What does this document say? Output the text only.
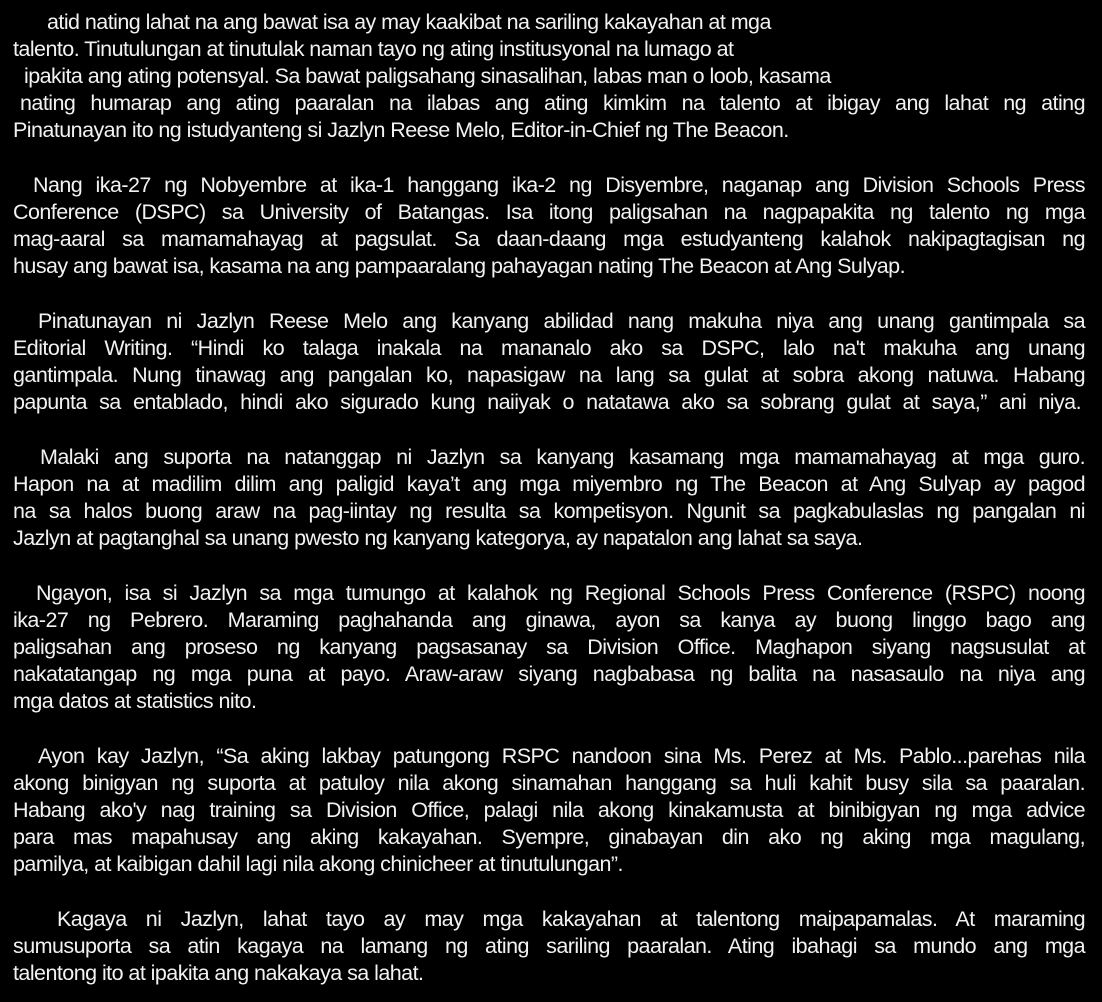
atid nating lahat na ang bawat isa ay may kaakibat na sariling kakayahan at mga
talento. Tinutulungan at tinutulak naman tayo ng ating institusyonal na lumago at
ipakita ang ating potensyal. Sa bawat paligsahang sinasalihan, labas man o loob, kasama
nating humarap ang ating paaralan na ilabas ang ating kimkim na talento at ibigay ang lahat ng ating
Pinatunayan ito ng istudyanteng si Jazlyn Reese Melo, Editor-in-Chief ng The Beacon.
Nang ika-27 ng Nobyembre at ika-1 hanggang ika-2 ng Disyembre, naganap ang Division Schools Press
Conference (DSPC) sa University of Batangas. Isa itong paligsahan na nagpapakita ng talento ng mga
mag-aaral sa mamamahayag at pagsulat. Sa daan-daang mga estudyanteng kalahok nakipagtagisan ng
husay ang bawat isa, kasama na ang pampaaralang pahayagan nating The Beacon at Ang Sulyap.
Pinatunayan ni Jazlyn Reese Melo ang kanyang abilidad nang makuha niya ang unang gantimpala sa
Editorial Writing. “Hindi ko talaga inakala na mananalo ako sa DSPC, lalo na't makuha ang unang
gantimpala. Nung tinawag ang pangalan ko, napasigaw na lang sa gulat at sobra akong natuwa. Habang
papunta sa entablado, hindi ako sigurado kung naiiyak o natatawa ako sa sobrang gulat at saya,” ani niya.
Malaki ang suporta na natanggap ni Jazlyn sa kanyang kasamang mga mamamahayag at mga guro.
Hapon na at madilim dilim ang paligid kaya’t ang mga miyembro ng The Beacon at Ang Sulyap ay pagod
na sa halos buong araw na pag-iintay ng resulta sa kompetisyon. Ngunit sa pagkabulaslas ng pangalan ni
Jazlyn at pagtanghal sa unang pwesto ng kanyang kategorya, ay napatalon ang lahat sa saya.
Ngayon, isa si Jazlyn sa mga tumungo at kalahok ng Regional Schools Press Conference (RSPC) noong
ika-27 ng Pebrero. Maraming paghahanda ang ginawa, ayon sa kanya ay buong linggo bago ang
paligsahan ang proseso ng kanyang pagsasanay sa Division Office. Maghapon siyang nagsusulat at
nakatatangap ng mga puna at payo. Araw-araw siyang nagbabasa ng balita na nasasaulo na niya ang
mga datos at statistics nito.
Ayon kay Jazlyn, “Sa aking lakbay patungong RSPC nandoon sina Ms. Perez at Ms. Pablo...parehas nila
akong binigyan ng suporta at patuloy nila akong sinamahan hanggang sa huli kahit busy sila sa paaralan.
Habang ako'y nag training sa Division Office, palagi nila akong kinakamusta at binibigyan ng mga advice
para mas mapahusay ang aking kakayahan. Syempre, ginabayan din ako ng aking mga magulang,
pamilya, at kaibigan dahil lagi nila akong chinicheer at tinutulungan”.
Kagaya ni Jazlyn, lahat tayo ay may mga kakayahan at talentong maipapamalas. At maraming
sumusuporta sa atin kagaya na lamang ng ating sariling paaralan. Ating ibahagi sa mundo ang mga
talentong ito at ipakita ang nakakaya sa lahat.
